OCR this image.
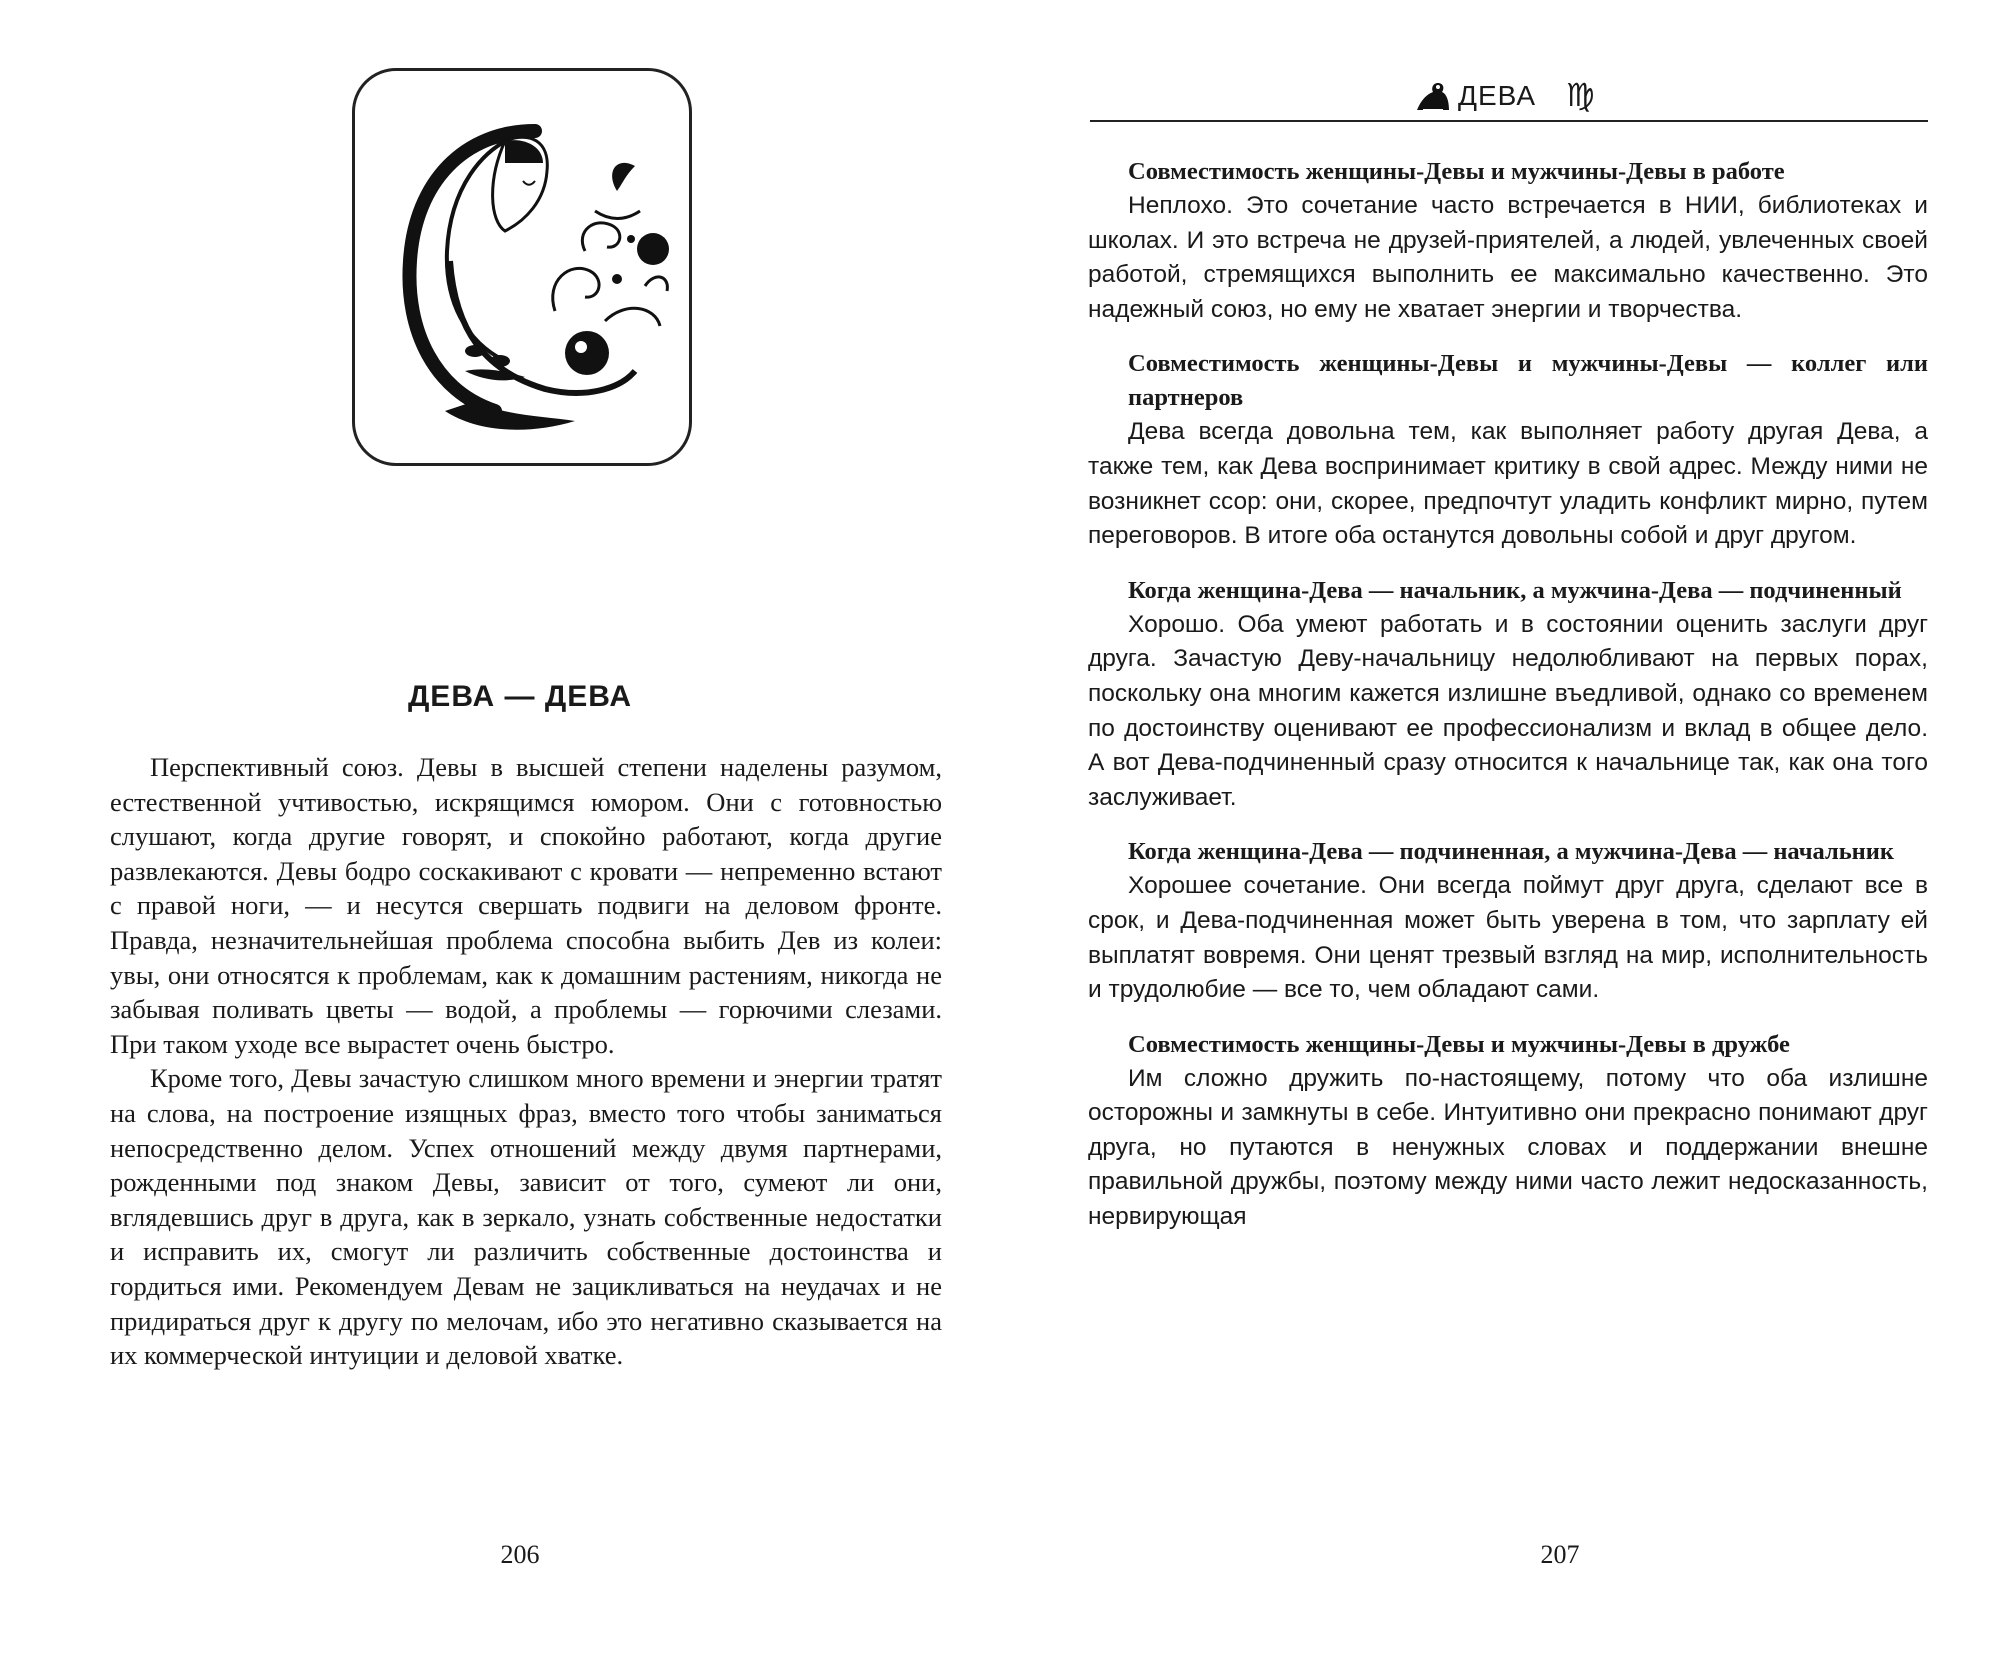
ДЕВА — ДЕВА

Перспективный союз. Девы в высшей степени наделены разумом, естественной учтивостью, искрящимся юмором. Они с готовностью слушают, когда другие говорят, и спокойно работают, когда другие развлекаются. Девы бодро соскакивают с кровати — непременно встают с правой ноги, — и несутся свершать подвиги на деловом фронте. Правда, незначительнейшая проблема способна выбить Дев из колеи: увы, они относятся к проблемам, как к домашним растениям, никогда не забывая поливать цветы — водой, а проблемы — горючими слезами. При таком уходе все вырастет очень быстро.

Кроме того, Девы зачастую слишком много времени и энергии тратят на слова, на построение изящных фраз, вместо того чтобы заниматься непосредственно делом. Успех отношений между двумя партнерами, рожденными под знаком Девы, зависит от того, сумеют ли они, вглядевшись друг в друга, как в зеркало, узнать собственные недостатки и исправить их, смогут ли различить собственные достоинства и гордиться ими. Рекомендуем Девам не зацикливаться на неудачах и не придираться друг к другу по мелочам, ибо это негативно сказывается на их коммерческой интуиции и деловой хватке.

206
ДЕВА ♍

Совместимость женщины-Девы и мужчины-Девы в работе

Неплохо. Это сочетание часто встречается в НИИ, библиотеках и школах. И это встреча не друзей-приятелей, а людей, увлеченных своей работой, стремящихся выполнить ее максимально качественно. Это надежный союз, но ему не хватает энергии и творчества.

Совместимость женщины-Девы и мужчины-Девы — коллег или партнеров

Дева всегда довольна тем, как выполняет работу другая Дева, а также тем, как Дева воспринимает критику в свой адрес. Между ними не возникнет ссор: они, скорее, предпочтут уладить конфликт мирно, путем переговоров. В итоге оба останутся довольны собой и друг другом.

Когда женщина-Дева — начальник, а мужчина-Дева — подчиненный

Хорошо. Оба умеют работать и в состоянии оценить заслуги друг друга. Зачастую Деву-начальницу недолюбливают на первых порах, поскольку она многим кажется излишне въедливой, однако со временем по достоинству оценивают ее профессионализм и вклад в общее дело. А вот Дева-подчиненный сразу относится к начальнице так, как она того заслуживает.

Когда женщина-Дева — подчиненная, а мужчина-Дева — начальник

Хорошее сочетание. Они всегда поймут друг друга, сделают все в срок, и Дева-подчиненная может быть уверена в том, что зарплату ей выплатят вовремя. Они ценят трезвый взгляд на мир, исполнительность и трудолюбие — все то, чем обладают сами.

Совместимость женщины-Девы и мужчины-Девы в дружбе

Им сложно дружить по-настоящему, потому что оба излишне осторожны и замкнуты в себе. Интуитивно они прекрасно понимают друг друга, но путаются в ненужных словах и поддержании внешне правильной дружбы, поэтому между ними часто лежит недосказанность, нервирующая

207
